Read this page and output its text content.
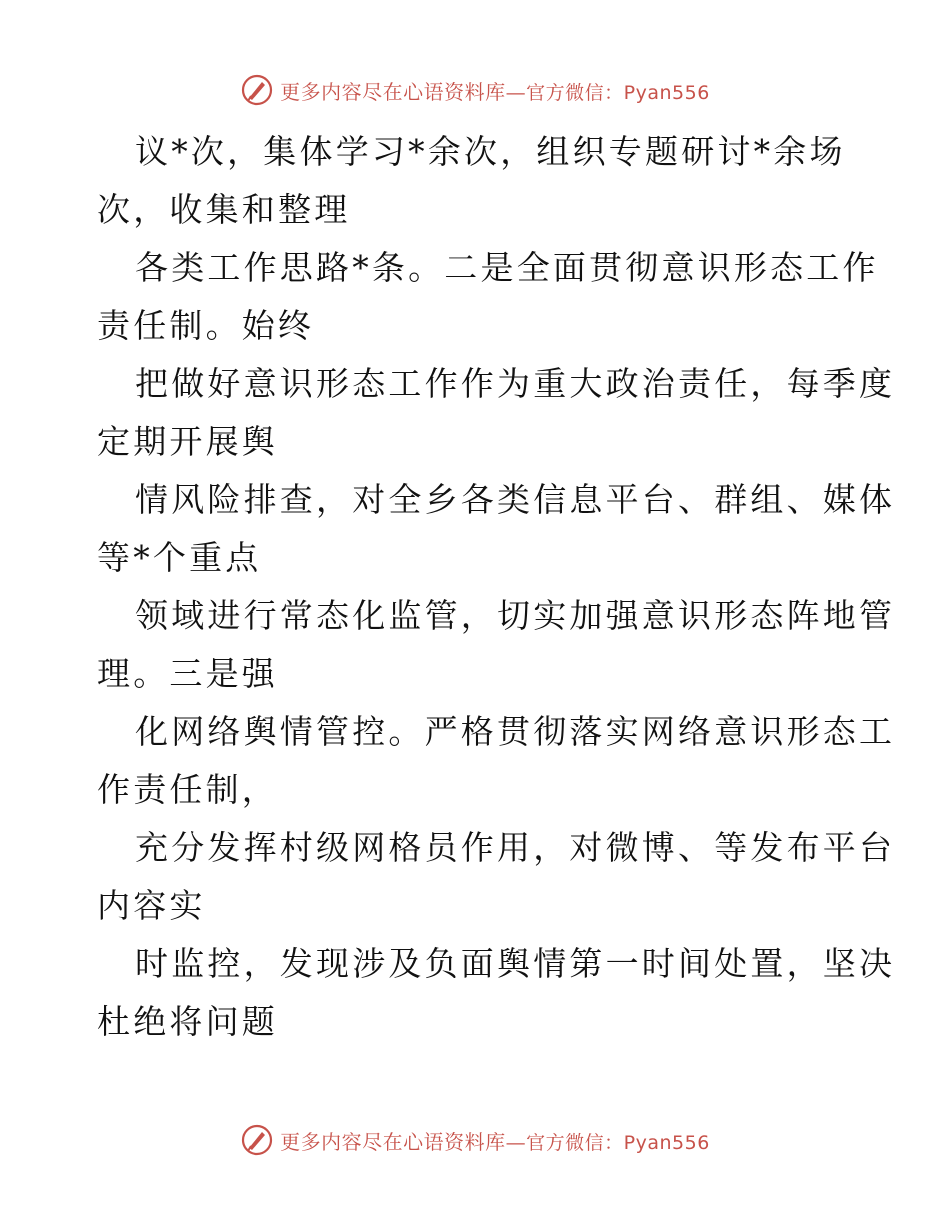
更多内容尽在心语资料库—官方微信：Pyan556
议*次，集体学习*余次，组织专题研讨*余场
次，收集和整理
各类工作思路*条。二是全面贯彻意识形态工作
责任制。始终
把做好意识形态工作作为重大政治责任，每季度
定期开展舆
情风险排查，对全乡各类信息平台、群组、媒体
等*个重点
领域进行常态化监管，切实加强意识形态阵地管
理。三是强
化网络舆情管控。严格贯彻落实网络意识形态工
作责任制，
充分发挥村级网格员作用，对微博、等发布平台
内容实
时监控，发现涉及负面舆情第一时间处置，坚决
杜绝将问题
更多内容尽在心语资料库—官方微信：Pyan556
